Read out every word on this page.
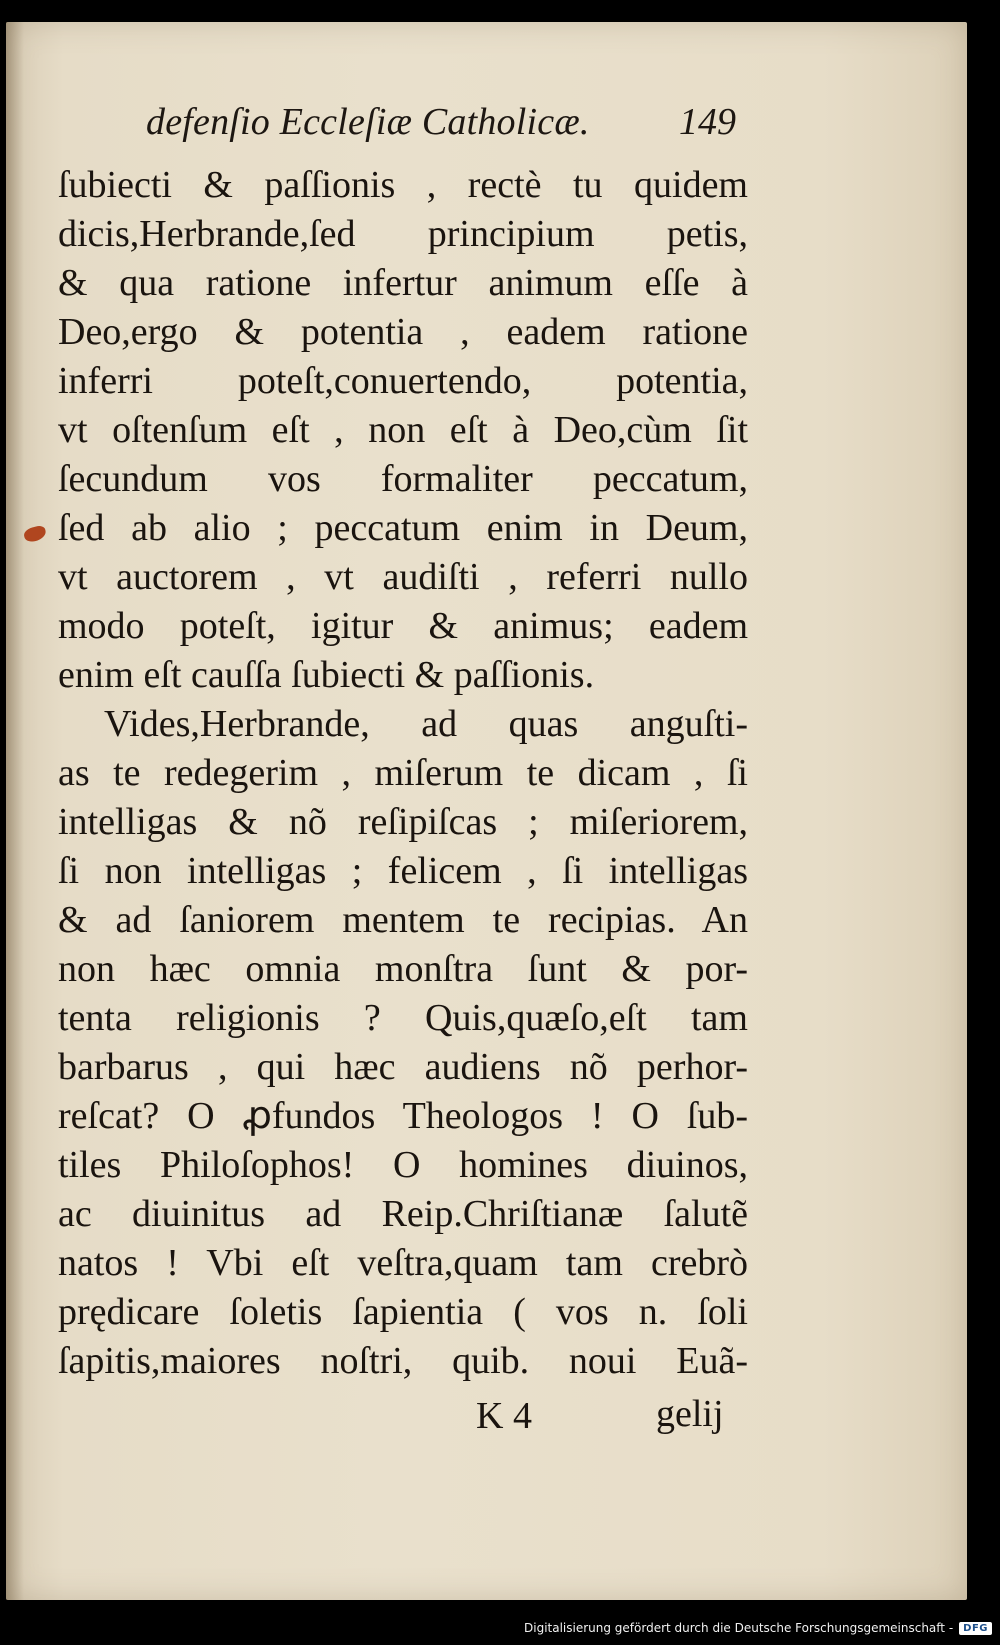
defenſio Eccleſiæ Catholicæ. 149
ſubiecti & paſſionis , rectè tu quidem
dicis,Herbrande,ſed principium petis,
& qua ratione infertur animum eſſe à
Deo,ergo & potentia , eadem ratione
inferri poteſt,conuertendo, potentia,
vt oſtenſum eſt , non eſt à Deo,cùm ſit
ſecundum vos formaliter peccatum,
ſed ab alio ; peccatum enim in Deum,
vt auctorem , vt audiſti , referri nullo
modo poteſt, igitur & animus; eadem
enim eſt cauſſa ſubiecti & paſſionis.
Vides,Herbrande, ad quas anguſti-
as te redegerim , miſerum te dicam , ſi
intelligas & nõ reſipiſcas ; miſeriorem,
ſi non intelligas ; felicem , ſi intelligas
& ad ſaniorem mentem te recipias. An
non hæc omnia monſtra ſunt & por-
tenta religionis ? Quis,quæſo,eſt tam
barbarus , qui hæc audiens nõ perhor-
reſcat? O ꝓfundos Theologos ! O ſub-
tiles Philoſophos! O homines diuinos,
ac diuinitus ad Reip.Chriſtianæ ſalutẽ
natos ! Vbi eſt veſtra,quam tam crebrò
prędicare ſoletis ſapientia ( vos n. ſoli
ſapitis,maiores noſtri, quib. noui Euã-
K 4	gelij
Digitalisierung gefördert durch die Deutsche Forschungsgemeinschaft -	DFG
